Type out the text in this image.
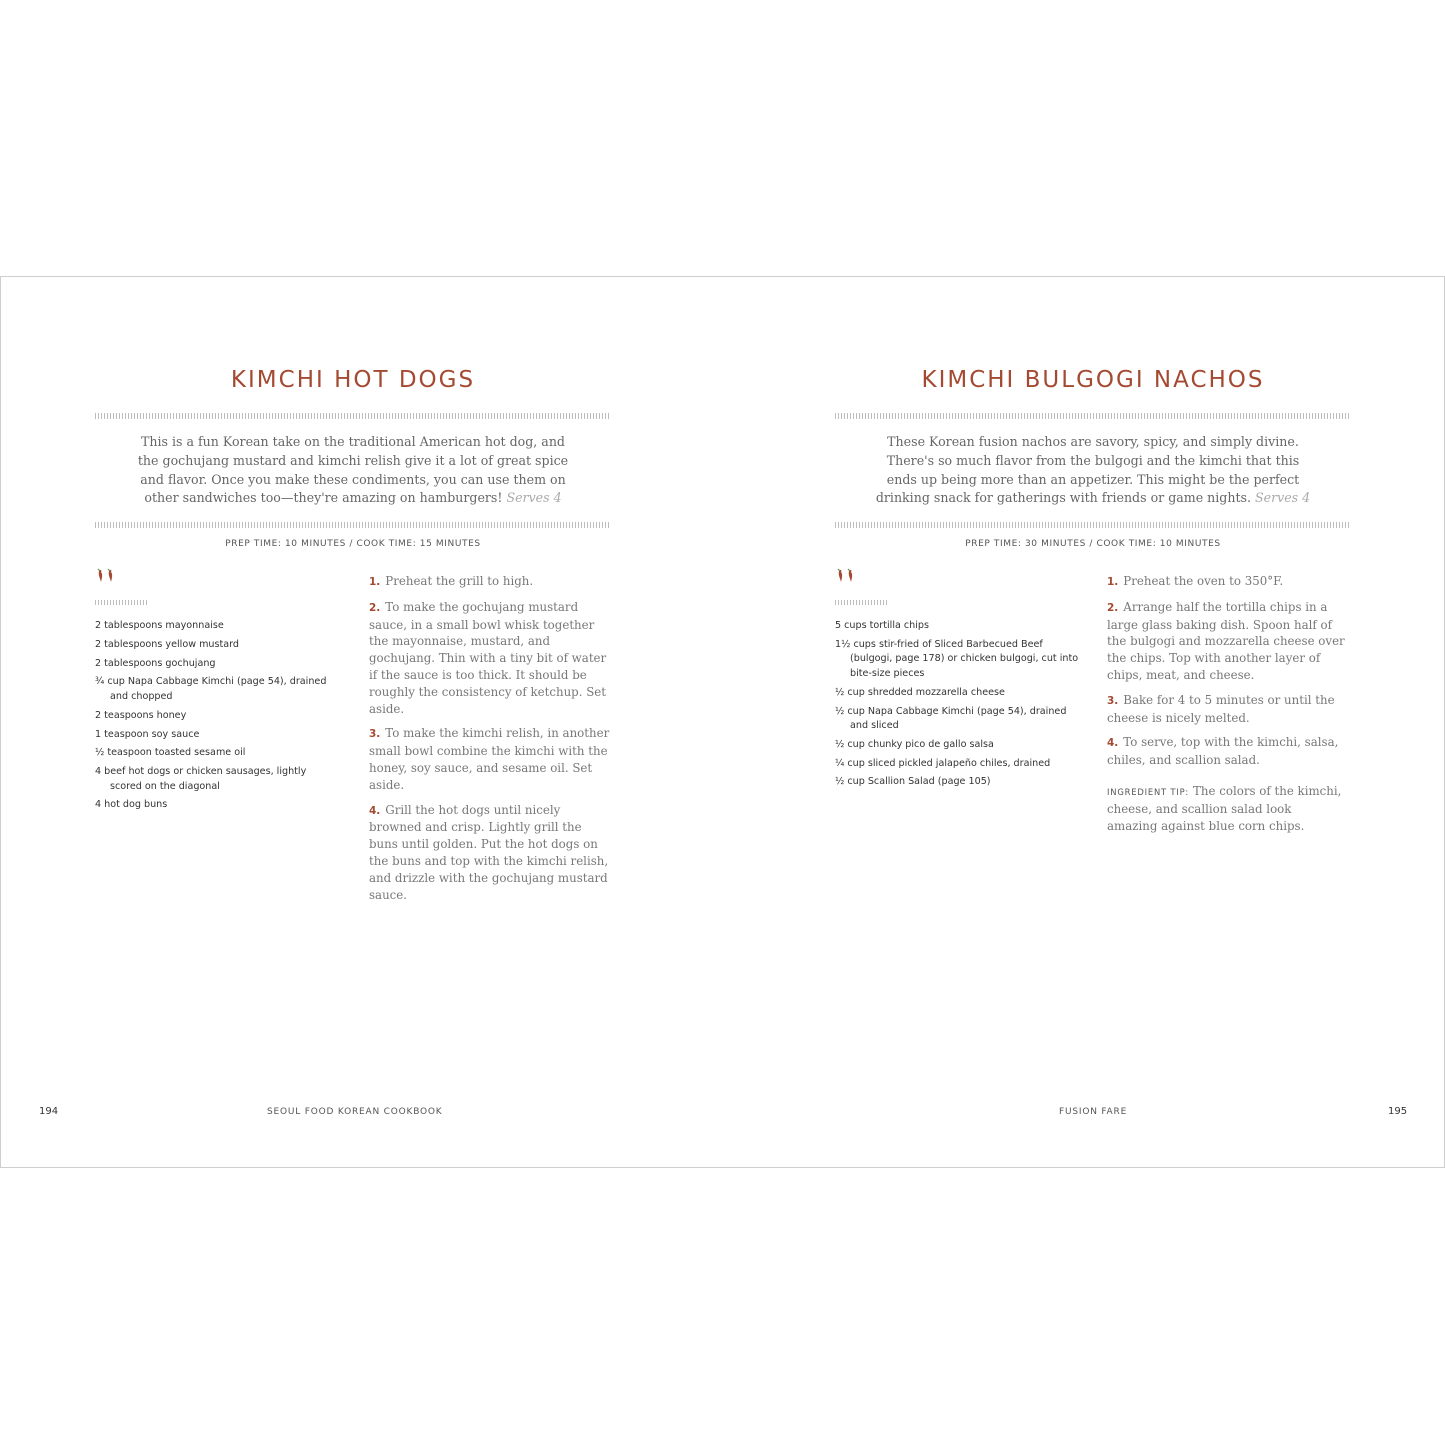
KIMCHI HOT DOGS

This is a fun Korean take on the traditional American hot dog, and the gochujang mustard and kimchi relish give it a lot of great spice and flavor. Once you make these condiments, you can use them on other sandwiches too—they're amazing on hamburgers! Serves 4

PREP TIME: 10 MINUTES / COOK TIME: 15 MINUTES
2 tablespoons mayonnaise
2 tablespoons yellow mustard
2 tablespoons gochujang
¾ cup Napa Cabbage Kimchi (page 54), drained and chopped
2 teaspoons honey
1 teaspoon soy sauce
½ teaspoon toasted sesame oil
4 beef hot dogs or chicken sausages, lightly scored on the diagonal
4 hot dog buns
1. Preheat the grill to high.
2. To make the gochujang mustard sauce, in a small bowl whisk together the mayonnaise, mustard, and gochujang. Thin with a tiny bit of water if the sauce is too thick. It should be roughly the consistency of ketchup. Set aside.
3. To make the kimchi relish, in another small bowl combine the kimchi with the honey, soy sauce, and sesame oil. Set aside.
4. Grill the hot dogs until nicely browned and crisp. Lightly grill the buns until golden. Put the hot dogs on the buns and top with the kimchi relish, and drizzle with the gochujang mustard sauce.
194	SEOUL FOOD KOREAN COOKBOOK
KIMCHI BULGOGI NACHOS

These Korean fusion nachos are savory, spicy, and simply divine. There's so much flavor from the bulgogi and the kimchi that this ends up being more than an appetizer. This might be the perfect drinking snack for gatherings with friends or game nights. Serves 4

PREP TIME: 30 MINUTES / COOK TIME: 10 MINUTES
5 cups tortilla chips
1½ cups stir-fried of Sliced Barbecued Beef (bulgogi, page 178) or chicken bulgogi, cut into bite-size pieces
½ cup shredded mozzarella cheese
½ cup Napa Cabbage Kimchi (page 54), drained and sliced
½ cup chunky pico de gallo salsa
¼ cup sliced pickled jalapeño chiles, drained
½ cup Scallion Salad (page 105)
1. Preheat the oven to 350°F.
2. Arrange half the tortilla chips in a large glass baking dish. Spoon half of the bulgogi and mozzarella cheese over the chips. Top with another layer of chips, meat, and cheese.
3. Bake for 4 to 5 minutes or until the cheese is nicely melted.
4. To serve, top with the kimchi, salsa, chiles, and scallion salad.

INGREDIENT TIP: The colors of the kimchi, cheese, and scallion salad look amazing against blue corn chips.

FUSION FARE	195
